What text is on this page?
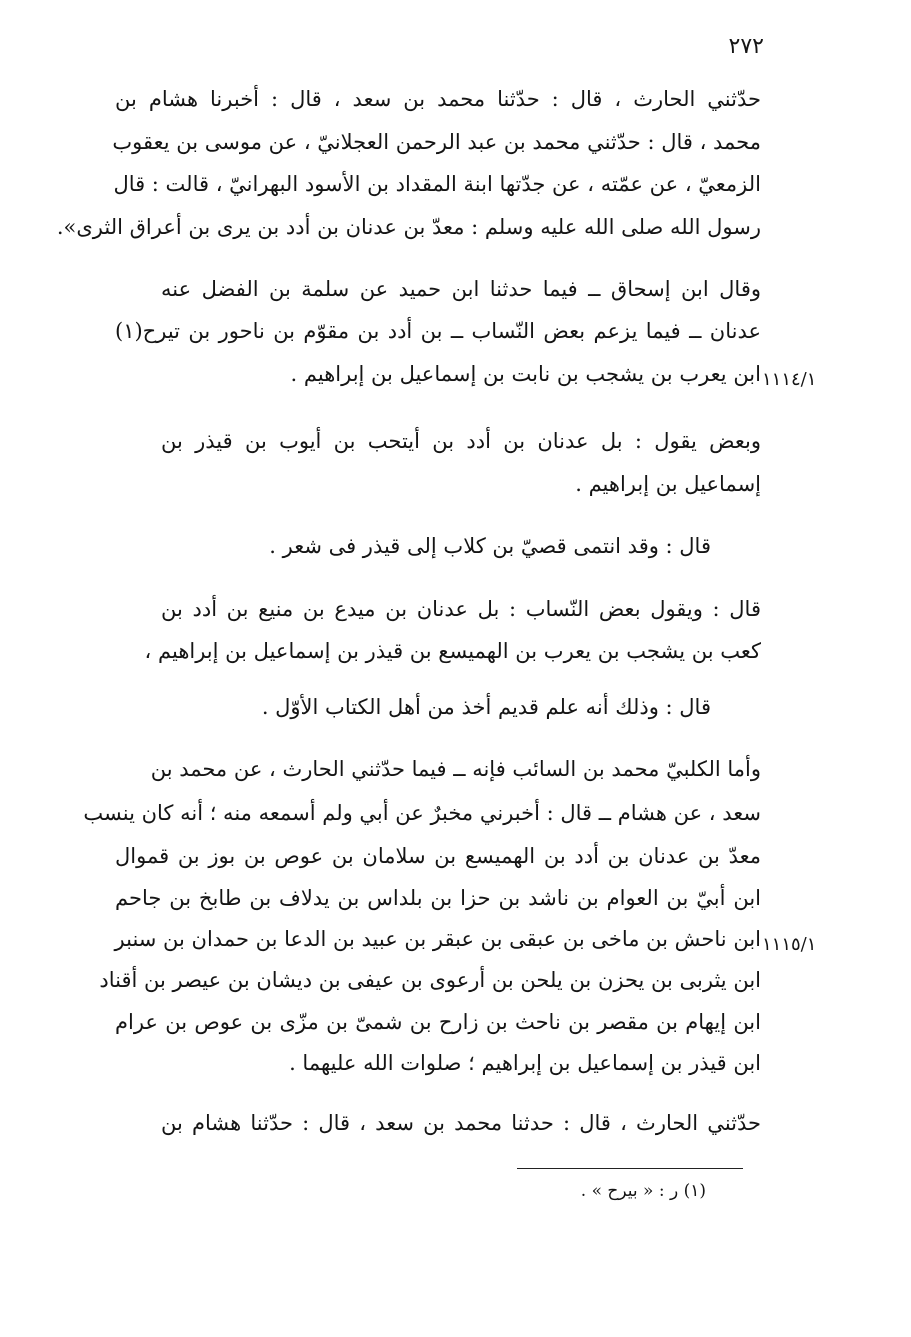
٢٧٢
حدّثني الحارث ، قال : حدّثنا محمد بن سعد ، قال : أخبرنا هشام بن
محمد ، قال : حدّثني محمد بن عبد الرحمن العجلانيّ ، عن موسى بن يعقوب
الزمعيّ ، عن عمّته ، عن جدّتها ابنة المقداد بن الأسود البهرانيّ ، قالت : قال
رسول الله صلى الله عليه وسلم : معدّ بن عدنان بن أدد بن يرى بن أعراق الثرى».
وقال ابن إسحاق ــ فيما حدثنا ابن حميد عن سلمة بن الفضل عنه
عدنان ــ فيما يزعم بعض النّساب ــ بن أدد بن مقوّم بن ناحور بن تيرح(١)
ابن يعرب بن يشجب بن نابت بن إسماعيل بن إبراهيم . ١١١٤/١
وبعض يقول : بل عدنان بن أدد بن أيتحب بن أيوب بن قيذر بن
إسماعيل بن إبراهيم .
قال : وقد انتمى قصيّ بن كلاب إلى قيذر فى شعر .
قال : ويقول بعض النّساب : بل عدنان بن ميدع بن منيع بن أدد بن
كعب بن يشجب بن يعرب بن الهميسع بن قيذر بن إسماعيل بن إبراهيم ،
قال : وذلك أنه علم قديم أخذ من أهل الكتاب الأوّل .
وأما الكلبيّ محمد بن السائب فإنه ــ فيما حدّثني الحارث ، عن محمد بن
سعد ، عن هشام ــ قال : أخبرني مخبرٌ عن أبي ولم أسمعه منه ؛ أنه كان ينسب
معدّ بن عدنان بن أدد بن الهميسع بن سلامان بن عوص بن بوز بن قموال
ابن أبيّ بن العوام بن ناشد بن حزا بن بلداس بن يدلاف بن طابخ بن جاحم
ابن ناحش بن ماخى بن عبقى بن عبقر بن عبيد بن الدعا بن حمدان بن سنبر ١١١٥/١
ابن يثربى بن يحزن بن يلحن بن أرعوى بن عيفى بن ديشان بن عيصر بن أقناد
ابن إيهام بن مقصر بن ناحث بن زارح بن شمىّ بن مزّى بن عوص بن عرام
ابن قيذر بن إسماعيل بن إبراهيم ؛ صلوات الله عليهما .
حدّثني الحارث ، قال : حدثنا محمد بن سعد ، قال : حدّثنا هشام بن
(١) ر : « بيرح » .
